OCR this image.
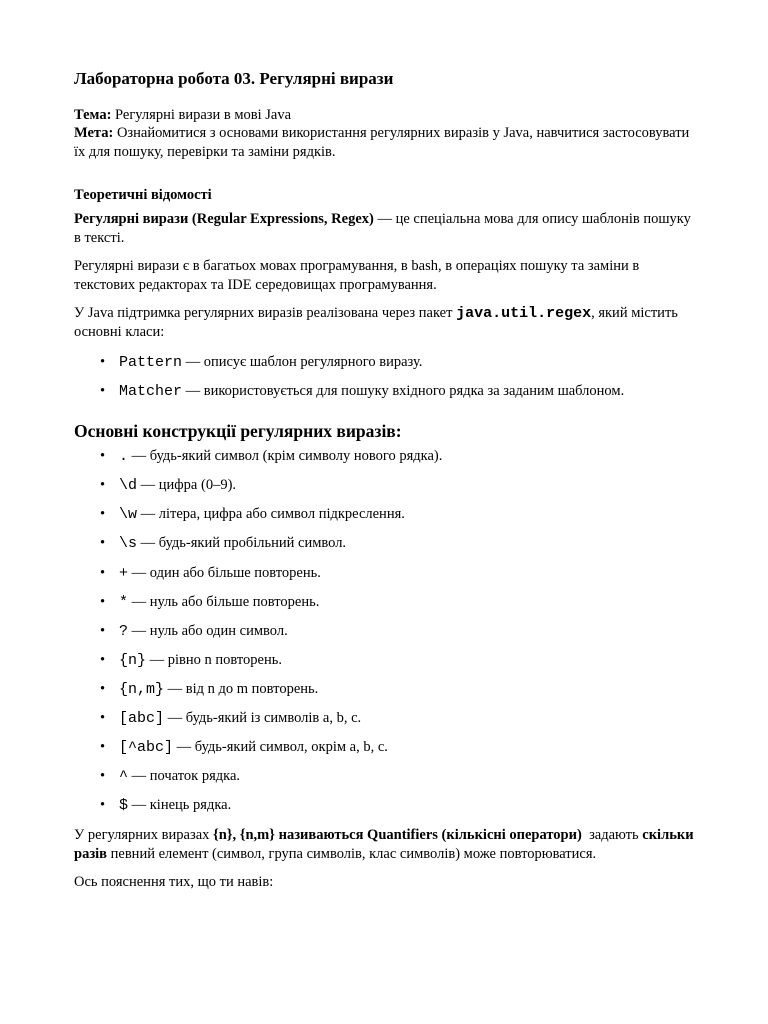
Лабораторна робота 03. Регулярні вирази

Тема: Регулярні вирази в мові Java

Мета: Ознайомитися з основами використання регулярних виразів у Java, навчитися застосовувати їх для пошуку, перевірки та заміни рядків.

Теоретичні відомості

Регулярні вирази (Regular Expressions, Regex) — це спеціальна мова для опису шаблонів пошуку в тексті.

Регулярні вирази є в багатьох мовах програмування, в bash, в операціях пошуку та заміни в текстових редакторах та IDE середовищах програмування.

У Java підтримка регулярних виразів реалізована через пакет java.util.regex, який містить основні класи:

• Pattern — описує шаблон регулярного виразу.
• Matcher — використовується для пошуку вхідного рядка за заданим шаблоном.

Основні конструкції регулярних виразів:

• . — будь-який символ (крім символу нового рядка).
• \d — цифра (0–9).
• \w — літера, цифра або символ підкреслення.
• \s — будь-який пробільний символ.
• + — один або більше повторень.
• * — нуль або більше повторень.
• ? — нуль або один символ.
• {n} — рівно n повторень.
• {n,m} — від n до m повторень.
• [abc] — будь-який із символів a, b, c.
• [^abc] — будь-який символ, окрім a, b, c.
• ^ — початок рядка.
• $ — кінець рядка.

У регулярних виразах {n}, {n,m} називаються Quantifiers (кількісні оператори)  задають скільки разів певний елемент (символ, група символів, клас символів) може повторюватися.

Ось пояснення тих, що ти навів:
